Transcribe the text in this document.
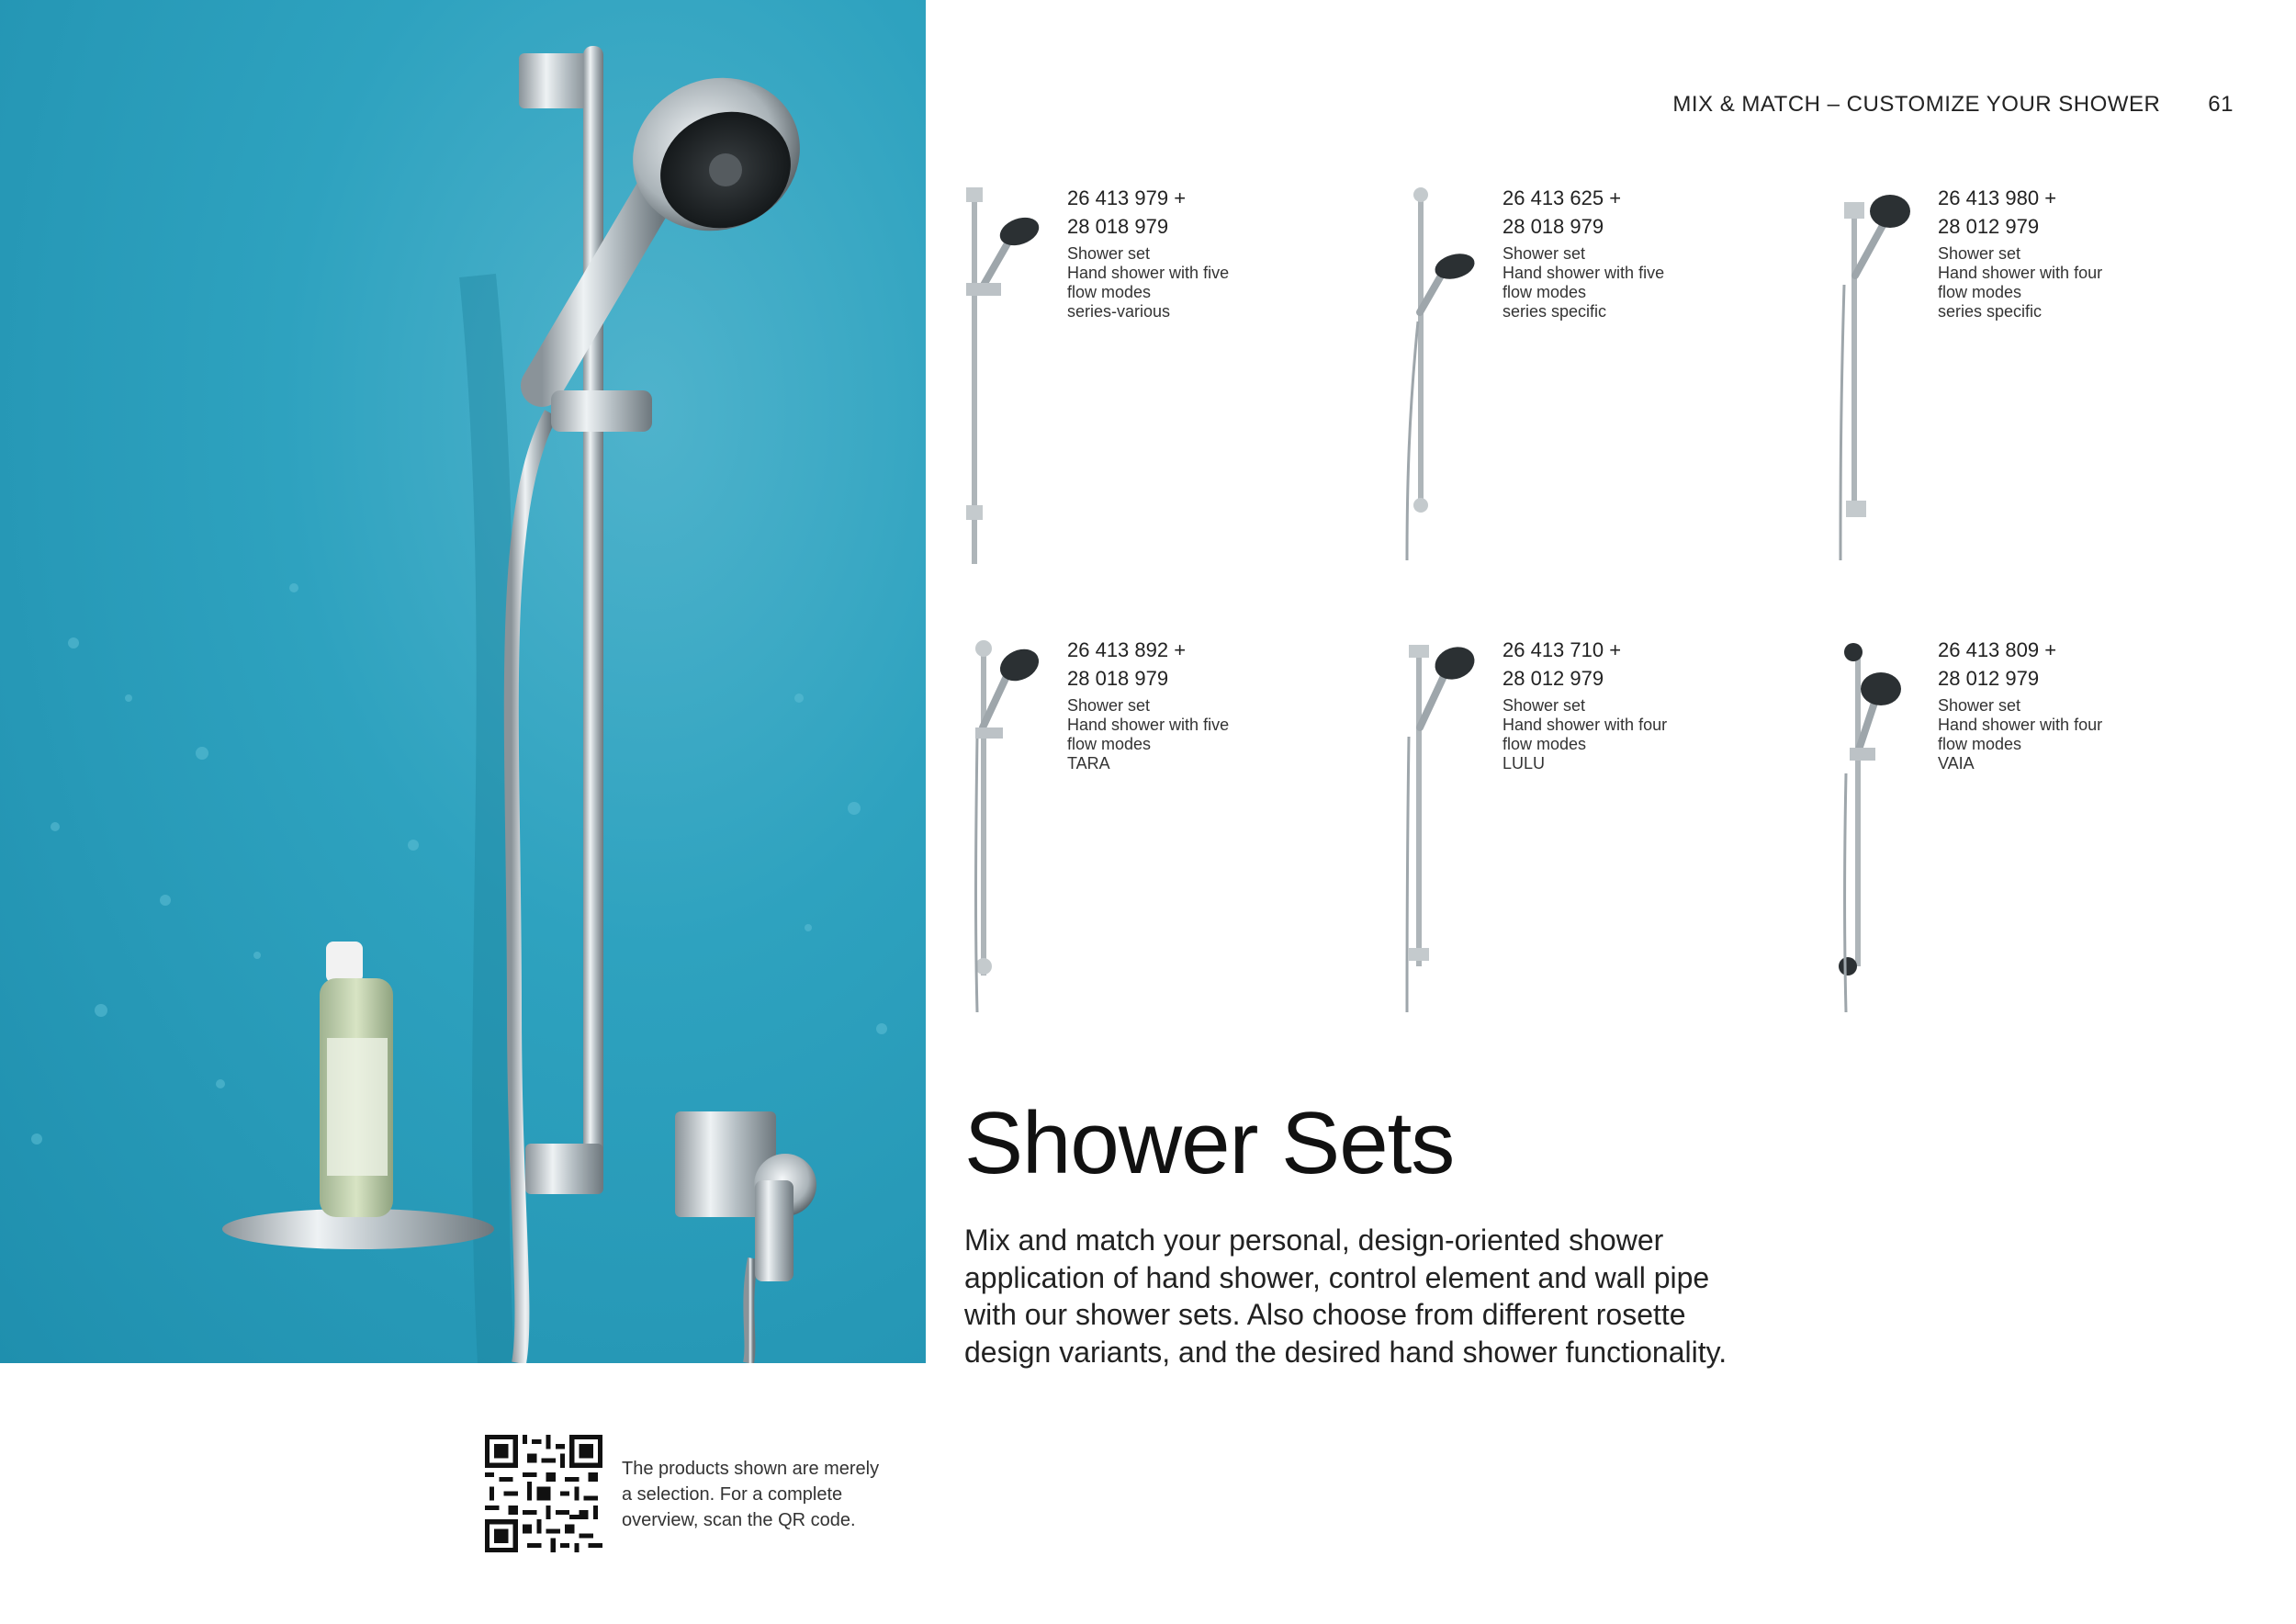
MIX & MATCH – CUSTOMIZE YOUR SHOWER 61
26 413 979 +
28 018 979
Shower set
Hand shower with five
flow modes
series-various
26 413 625 +
28 018 979
Shower set
Hand shower with five
flow modes
series specific
26 413 980 +
28 012 979
Shower set
Hand shower with four
flow modes
series specific
26 413 892 +
28 018 979
Shower set
Hand shower with five
flow modes
TARA
26 413 710 +
28 012 979
Shower set
Hand shower with four
flow modes
LULU
26 413 809 +
28 012 979
Shower set
Hand shower with four
flow modes
VAIA
Shower Sets
Mix and match your personal, design-oriented shower
application of hand shower, control element and wall pipe
with our shower sets. Also choose from different rosette
design variants, and the desired hand shower functionality.
The products shown are merely
a selection. For a complete
overview, scan the QR code.
